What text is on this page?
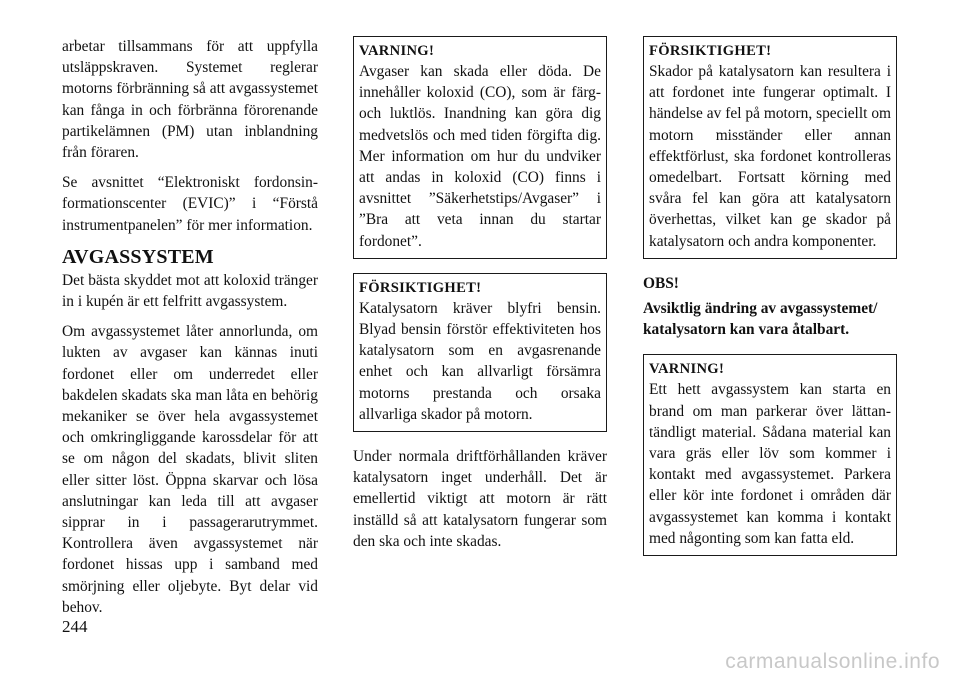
arbetar tillsammans för att uppfylla utsläppskraven. Systemet reglerar motorns förbränning så att avgassystemet kan fånga in och förbränna förorenande partikelämnen (PM) utan inblandning från föraren.

Se avsnittet “Elektroniskt fordonsinformationscenter (EVIC)” i “Förstå instrumentpanelen” för mer information.

AVGASSYSTEM

Det bästa skyddet mot att koloxid tränger in i kupén är ett felfritt avgassystem.

Om avgassystemet låter annorlunda, om lukten av avgaser kan kännas inuti fordonet eller om underredet eller bakdelen skadats ska man låta en behörig mekaniker se över hela avgassystemet och omkringliggande karossdelar för att se om någon del skadats, blivit sliten eller sitter löst. Öppna skarvar och lösa anslutningar kan leda till att avgaser sipprar in i passagerarutrymmet. Kontrollera även avgassystemet när fordonet hissas upp i samband med smörjning eller oljebyte. Byt delar vid behov.

VARNING!
Avgaser kan skada eller döda. De innehåller koloxid (CO), som är färg- och luktlös. Inandning kan göra dig medvetslös och med tiden förgifta dig. Mer information om hur du undviker att andas in koloxid (CO) finns i avsnittet ”Säkerhetstips/Avgaser” i ”Bra att veta innan du startar fordonet”.
FÖRSIKTIGHET!
Katalysatorn kräver blyfri bensin. Blyad bensin förstör effektiviteten hos katalysatorn som en avgasrenande enhet och kan allvarligt försämra motorns prestanda och orsaka allvarliga skador på motorn.

Under normala driftförhållanden kräver katalysatorn inget underhåll. Det är emellertid viktigt att motorn är rätt inställd så att katalysatorn fungerar som den ska och inte skadas.

FÖRSIKTIGHET!
Skador på katalysatorn kan resultera i att fordonet inte fungerar optimalt. I händelse av fel på motorn, speciellt om motorn misständer eller annan effektförlust, ska fordonet kontrolleras omedelbart. Fortsatt körning med svåra fel kan göra att katalysatorn överhettas, vilket kan ge skador på katalysatorn och andra komponenter.

OBS!

Avsiktlig ändring av avgassystemet/ katalysatorn kan vara åtalbart.

VARNING!
Ett hett avgassystem kan starta en brand om man parkerar över lättantändligt material. Sådana material kan vara gräs eller löv som kommer i kontakt med avgassystemet. Parkera eller kör inte fordonet i områden där avgassystemet kan komma i kontakt med någonting som kan fatta eld.
244
carmanualsonline.info
